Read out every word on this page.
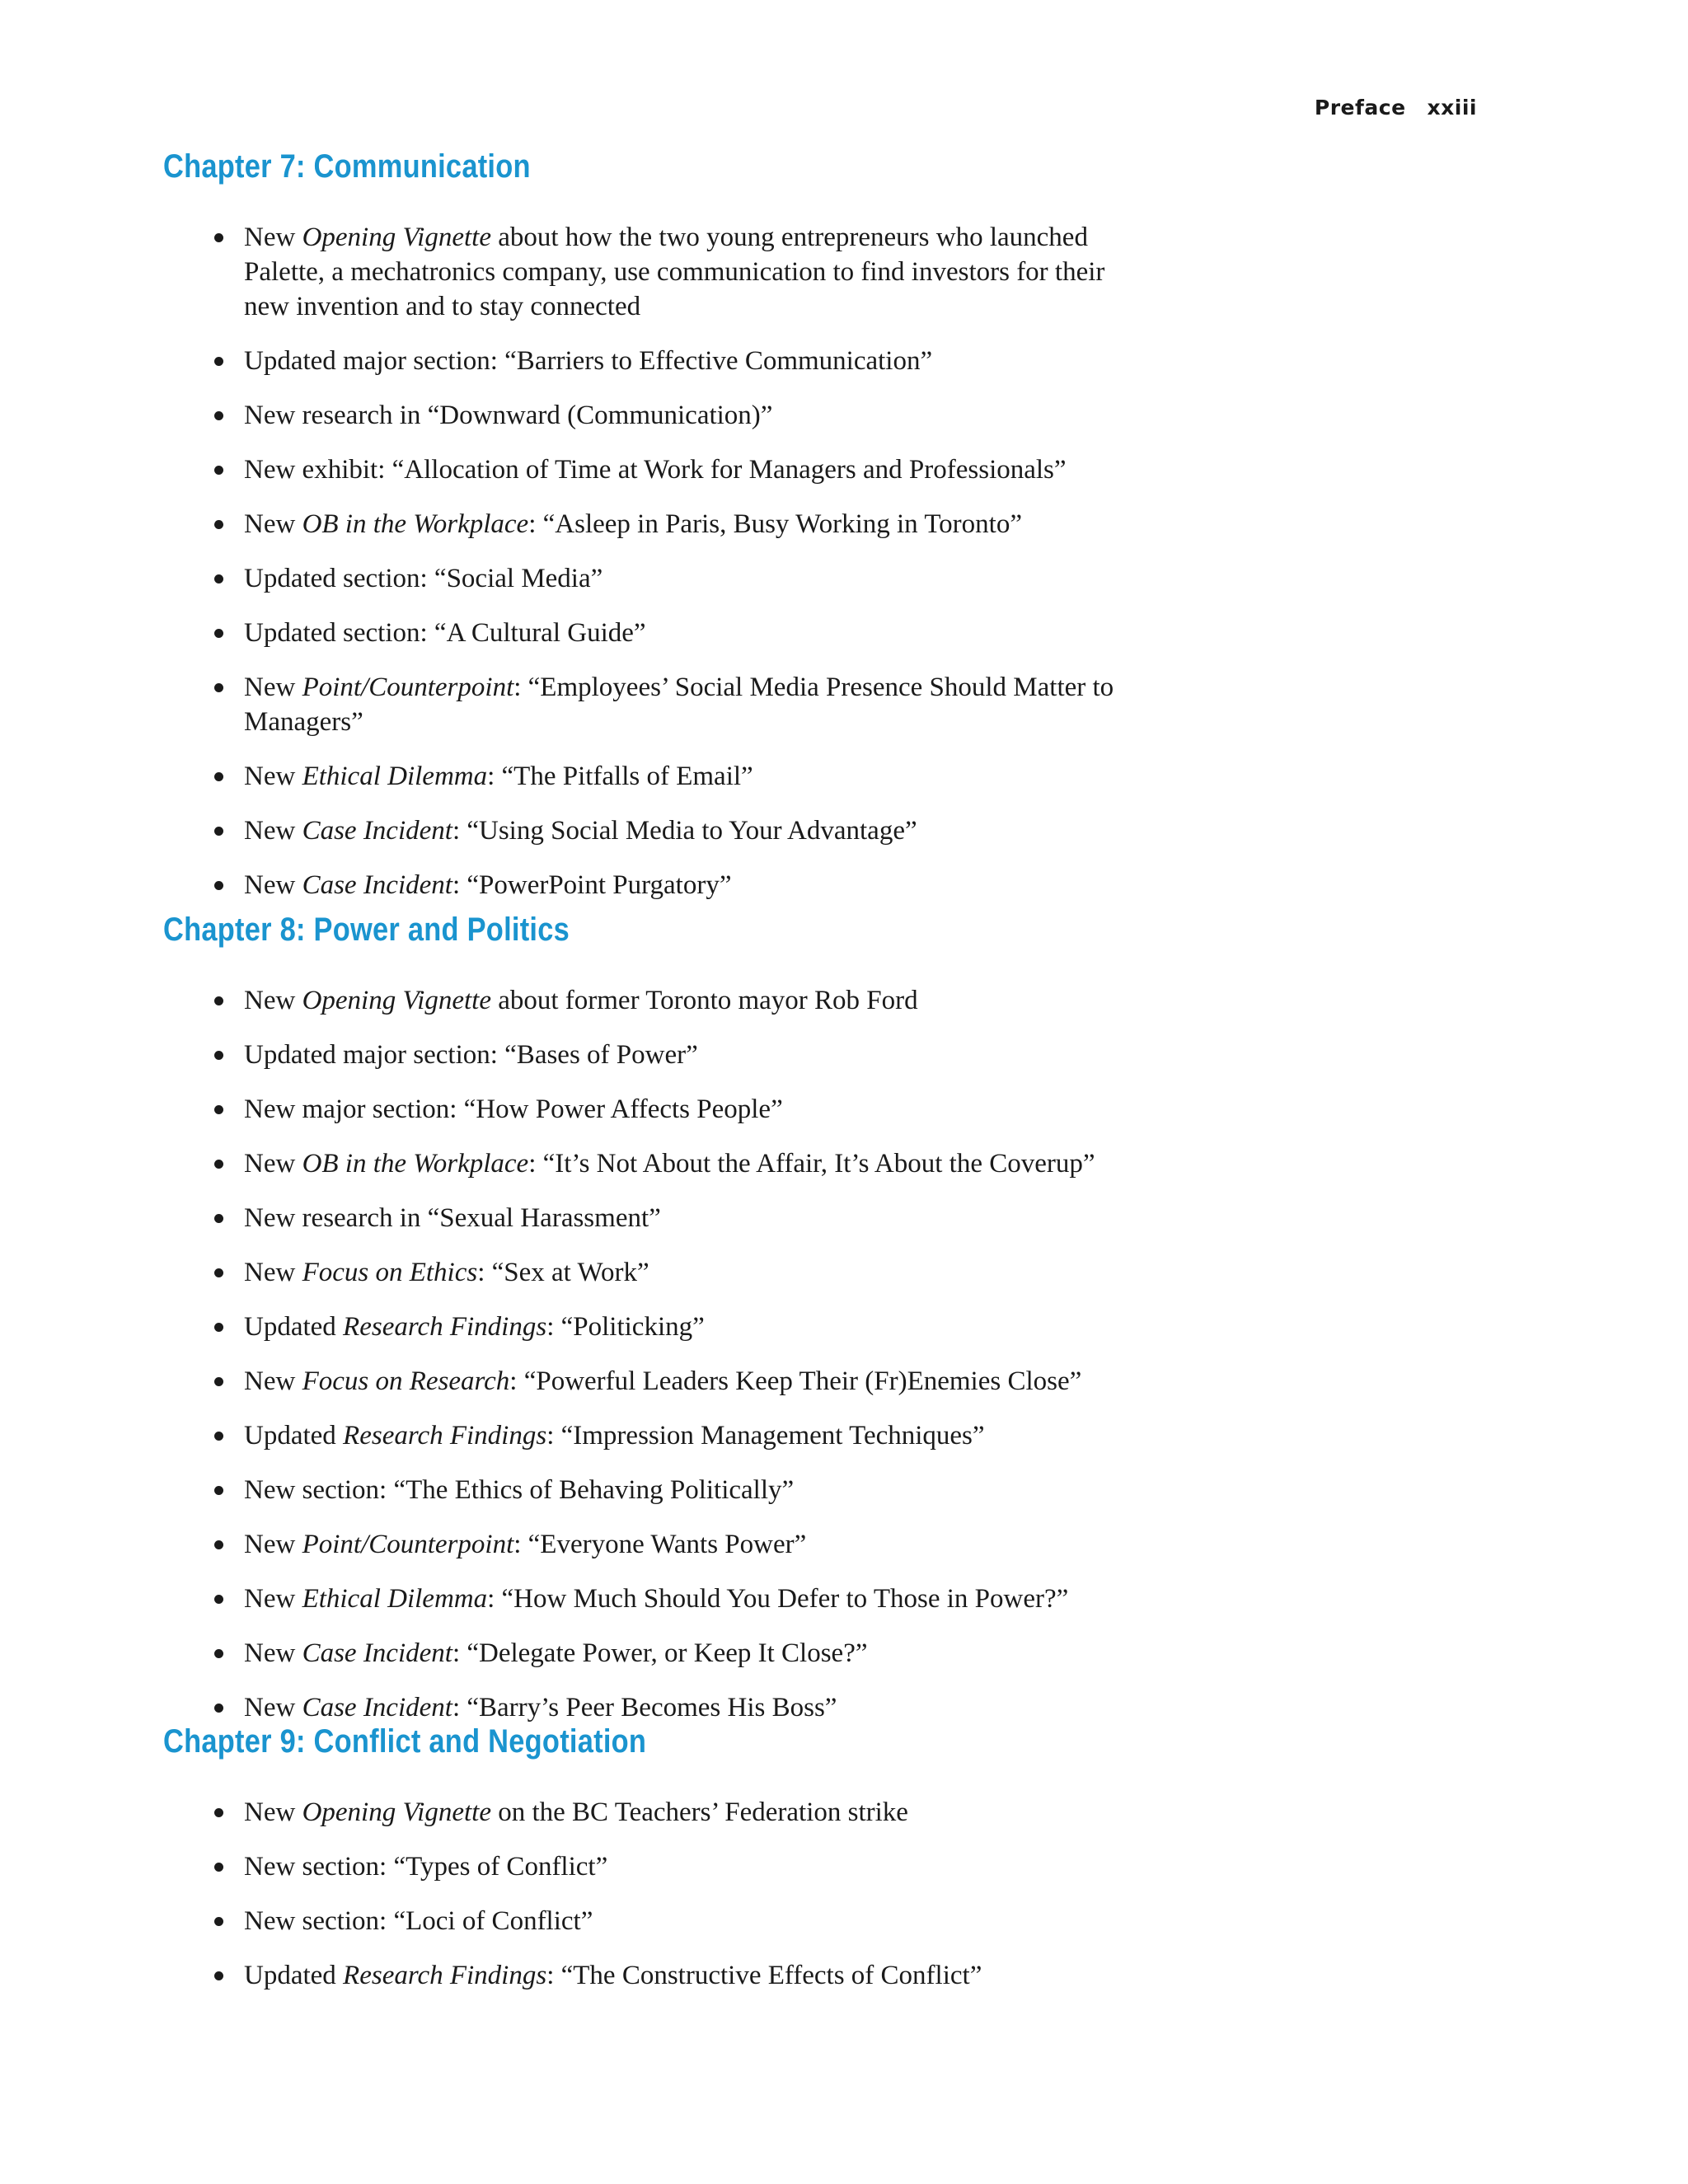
Preface xxiii
Chapter 7: Communication
New Opening Vignette about how the two young entrepreneurs who launched Palette, a mechatronics company, use communication to find investors for their new invention and to stay connected
Updated major section: “Barriers to Effective Communication”
New research in “Downward (Communication)”
New exhibit: “Allocation of Time at Work for Managers and Professionals”
New OB in the Workplace: “Asleep in Paris, Busy Working in Toronto”
Updated section: “Social Media”
Updated section: “A Cultural Guide”
New Point/Counterpoint: “Employees’ Social Media Presence Should Matter to Managers”
New Ethical Dilemma: “The Pitfalls of Email”
New Case Incident: “Using Social Media to Your Advantage”
New Case Incident: “PowerPoint Purgatory”
Chapter 8: Power and Politics
New Opening Vignette about former Toronto mayor Rob Ford
Updated major section: “Bases of Power”
New major section: “How Power Affects People”
New OB in the Workplace: “It’s Not About the Affair, It’s About the Coverup”
New research in “Sexual Harassment”
New Focus on Ethics: “Sex at Work”
Updated Research Findings: “Politicking”
New Focus on Research: “Powerful Leaders Keep Their (Fr)Enemies Close”
Updated Research Findings: “Impression Management Techniques”
New section: “The Ethics of Behaving Politically”
New Point/Counterpoint: “Everyone Wants Power”
New Ethical Dilemma: “How Much Should You Defer to Those in Power?”
New Case Incident: “Delegate Power, or Keep It Close?”
New Case Incident: “Barry’s Peer Becomes His Boss”
Chapter 9: Conflict and Negotiation
New Opening Vignette on the BC Teachers’ Federation strike
New section: “Types of Conflict”
New section: “Loci of Conflict”
Updated Research Findings: “The Constructive Effects of Conflict”
